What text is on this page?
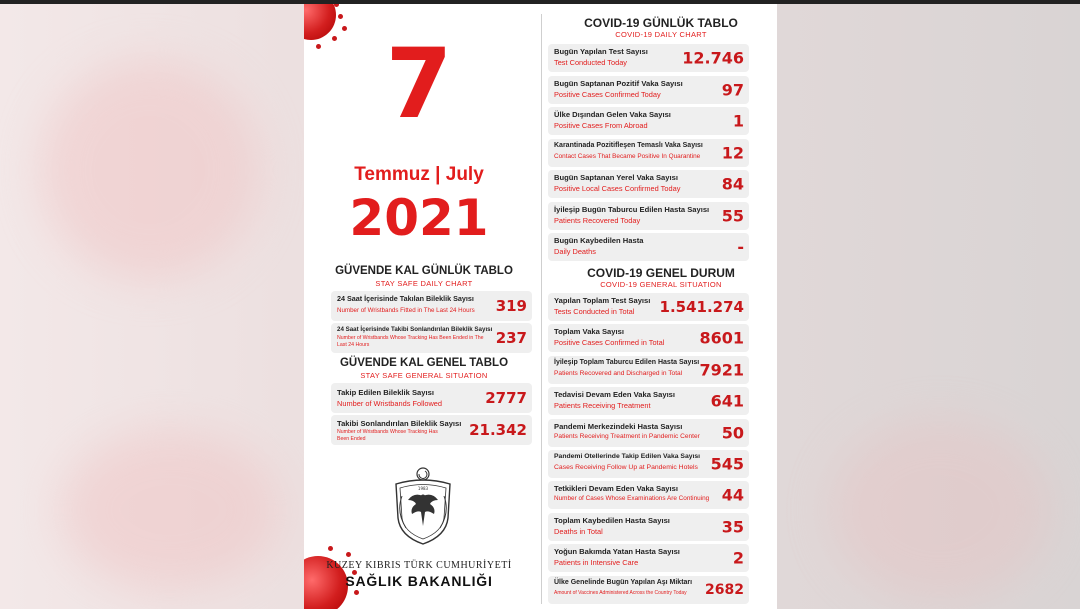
7
Temmuz | July
2021
GÜVENDE KAL GÜNLÜK TABLO
STAY SAFE DAILY CHART
24 Saat İçerisinde Takılan Bileklik Sayısı
Number of Wristbands Fitted in The Last 24 Hours 319
24 Saat İçerisinde Takibi Sonlandırılan Bileklik Sayısı
Number of Wristbands Whose Tracking Has Been Ended in The Last 24 Hours	237
GÜVENDE KAL GENEL TABLO
STAY SAFE GENERAL SITUATION
Takip Edilen Bileklik Sayısı
Number of Wristbands Followed	2777
Takibi Sonlandırılan Bileklik Sayısı
Number of Wristbands Whose Tracking Has Been Ended	21.342
1983
KUZEY KIBRIS TÜRK CUMHURİYETİ
SAĞLIK BAKANLIĞI
COVID-19 GÜNLÜK TABLO
COVID-19 DAILY CHART
Bugün Yapılan Test Sayısı
Test Conducted Today	12.746
Bugün Saptanan Pozitif Vaka Sayısı
Positive Cases Confirmed Today	97
Ülke Dışından Gelen Vaka Sayısı
Positive Cases From Abroad	1
Karantinada Pozitifleşen Temaslı Vaka Sayısı
Contact Cases That Became Positive In Quarantine 12
Bugün Saptanan Yerel Vaka Sayısı
Positive Local Cases Confirmed Today	84
İyileşip Bugün Taburcu Edilen Hasta Sayısı
Patients Recovered Today	55
Bugün Kaybedilen Hasta
Daily Deaths	-
COVID-19 GENEL DURUM
COVID-19 GENERAL SITUATION
Yapılan Toplam Test Sayısı
Tests Conducted in Total 1.541.274
Toplam Vaka Sayısı
Positive Cases Confirmed in Total 8601
İyileşip Toplam Taburcu Edilen Hasta Sayısı
Patients Recovered and Discharged in Total 7921
Tedavisi Devam Eden Vaka Sayısı
Patients Receiving Treatment	641
Pandemi Merkezindeki Hasta Sayısı
Patients Receiving Treatment in Pandemic Center 50
Pandemi Otellerinde Takip Edilen Vaka Sayısı
Cases Receiving Follow Up at Pandemic Hotels 545
Tetkikleri Devam Eden Vaka Sayısı
Number of Cases Whose Examinations Are Continuing 44
Toplam Kaybedilen Hasta Sayısı
Deaths in Total	35
Yoğun Bakımda Yatan Hasta Sayısı
Patients in Intensive Care	2
Ülke Genelinde Bugün Yapılan Aşı Miktarı
Amount of Vaccines Administered Across the Country Today 2682
